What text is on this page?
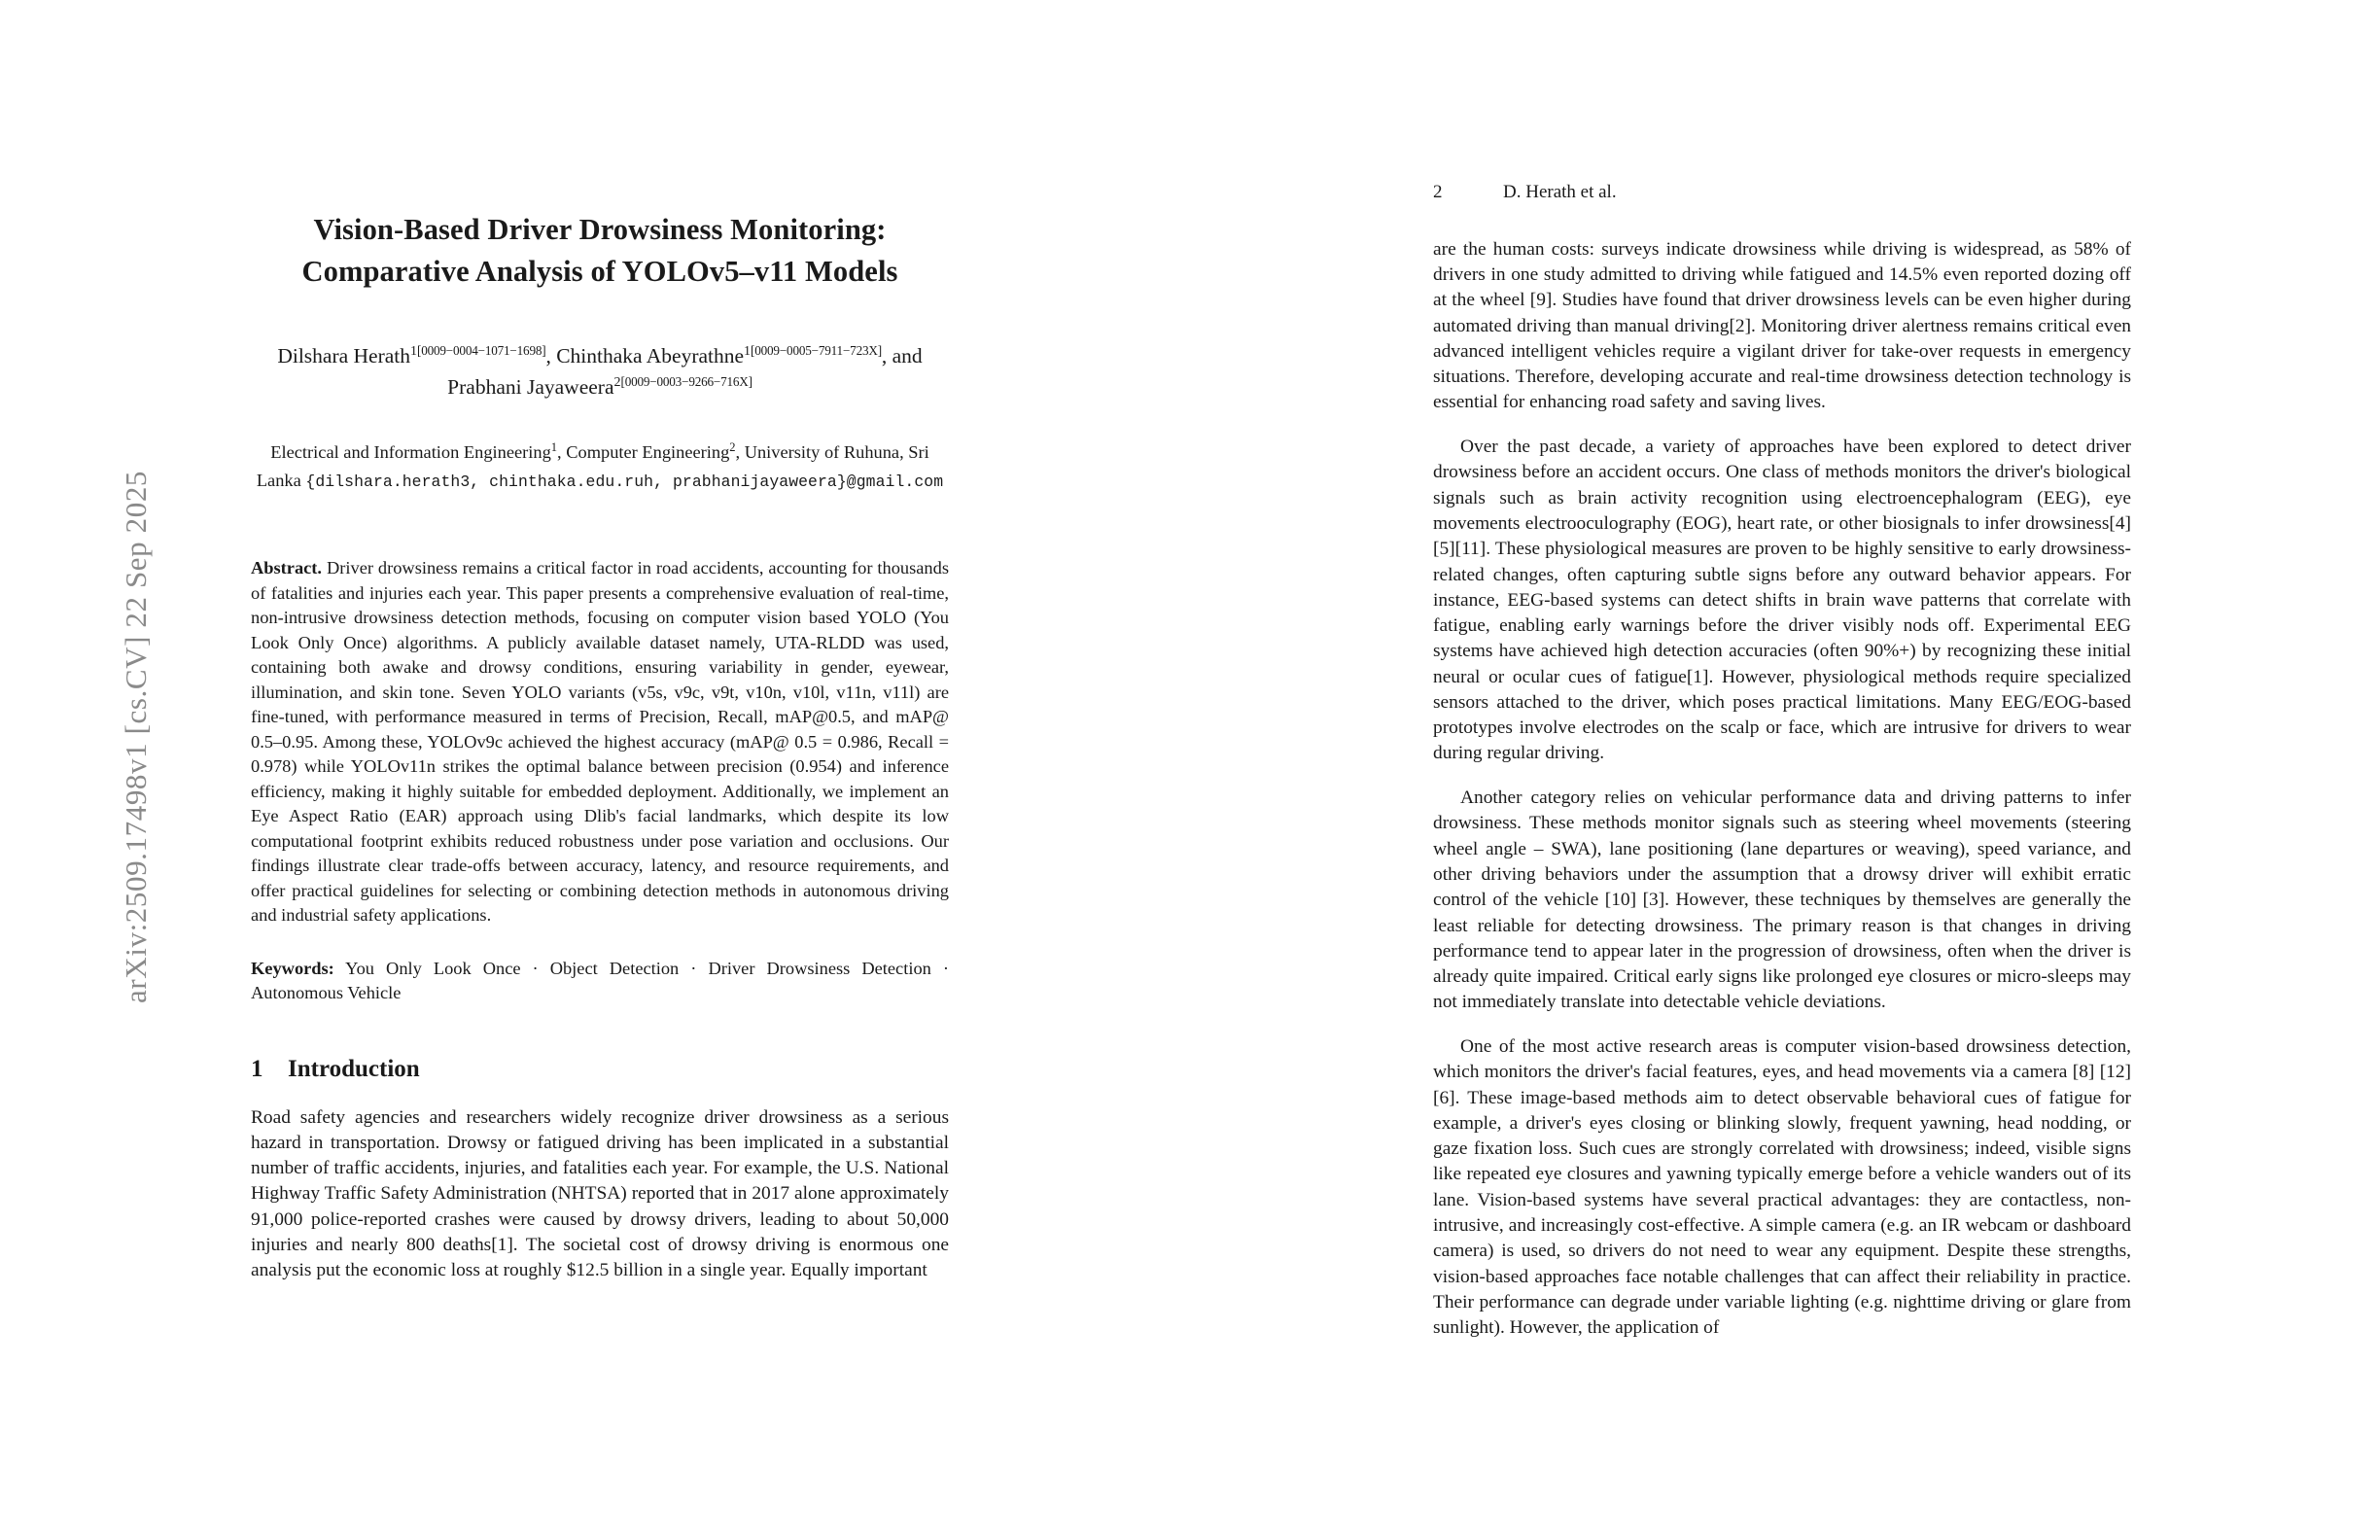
arXiv:2509.17498v1 [cs.CV] 22 Sep 2025
Vision-Based Driver Drowsiness Monitoring:
Comparative Analysis of YOLOv5–v11 Models
Dilshara Herath$^{1[0009-0004-1071-1698]}$, Chinthaka Abeyrathne$^{1[0009-0005-7911-723X]}$, and Prabhani Jayaweera$^{2[0009-0003-9266-716X]}$
Electrical and Information Engineering$^1$, Computer Engineering$^2$, University of Ruhuna, Sri Lanka {dilshara.herath3, chinthaka.edu.ruh, prabhanijayaweera}@gmail.com
Abstract. Driver drowsiness remains a critical factor in road accidents, accounting for thousands of fatalities and injuries each year. This paper presents a comprehensive evaluation of real-time, non-intrusive drowsiness detection methods, focusing on computer vision based YOLO (You Look Only Once) algorithms. A publicly available dataset namely, UTA-RLDD was used, containing both awake and drowsy conditions, ensuring variability in gender, eyewear, illumination, and skin tone. Seven YOLO variants (v5s, v9c, v9t, v10n, v10l, v11n, v11l) are fine-tuned, with performance measured in terms of Precision, Recall, mAP@0.5, and mAP@ 0.5–0.95. Among these, YOLOv9c achieved the highest accuracy (mAP@ 0.5 = 0.986, Recall = 0.978) while YOLOv11n strikes the optimal balance between precision (0.954) and inference efficiency, making it highly suitable for embedded deployment. Additionally, we implement an Eye Aspect Ratio (EAR) approach using Dlib's facial landmarks, which despite its low computational footprint exhibits reduced robustness under pose variation and occlusions. Our findings illustrate clear trade-offs between accuracy, latency, and resource requirements, and offer practical guidelines for selecting or combining detection methods in autonomous driving and industrial safety applications.
Keywords: You Only Look Once · Object Detection · Driver Drowsiness Detection · Autonomous Vehicle
1 Introduction

Road safety agencies and researchers widely recognize driver drowsiness as a serious hazard in transportation. Drowsy or fatigued driving has been implicated in a substantial number of traffic accidents, injuries, and fatalities each year. For example, the U.S. National Highway Traffic Safety Administration (NHTSA) reported that in 2017 alone approximately 91,000 police-reported crashes were caused by drowsy drivers, leading to about 50,000 injuries and nearly 800 deaths[1]. The societal cost of drowsy driving is enormous one analysis put the economic loss at roughly $12.5 billion in a single year. Equally important

2	D. Herath et al.

are the human costs: surveys indicate drowsiness while driving is widespread, as 58% of drivers in one study admitted to driving while fatigued and 14.5% even reported dozing off at the wheel [9]. Studies have found that driver drowsiness levels can be even higher during automated driving than manual driving[2]. Monitoring driver alertness remains critical even advanced intelligent vehicles require a vigilant driver for take-over requests in emergency situations. Therefore, developing accurate and real-time drowsiness detection technology is essential for enhancing road safety and saving lives.

Over the past decade, a variety of approaches have been explored to detect driver drowsiness before an accident occurs. One class of methods monitors the driver's biological signals such as brain activity recognition using electroencephalogram (EEG), eye movements electrooculography (EOG), heart rate, or other biosignals to infer drowsiness[4][5][11]. These physiological measures are proven to be highly sensitive to early drowsiness-related changes, often capturing subtle signs before any outward behavior appears. For instance, EEG-based systems can detect shifts in brain wave patterns that correlate with fatigue, enabling early warnings before the driver visibly nods off. Experimental EEG systems have achieved high detection accuracies (often 90%+) by recognizing these initial neural or ocular cues of fatigue[1]. However, physiological methods require specialized sensors attached to the driver, which poses practical limitations. Many EEG/EOG-based prototypes involve electrodes on the scalp or face, which are intrusive for drivers to wear during regular driving.

Another category relies on vehicular performance data and driving patterns to infer drowsiness. These methods monitor signals such as steering wheel movements (steering wheel angle – SWA), lane positioning (lane departures or weaving), speed variance, and other driving behaviors under the assumption that a drowsy driver will exhibit erratic control of the vehicle [10] [3]. However, these techniques by themselves are generally the least reliable for detecting drowsiness. The primary reason is that changes in driving performance tend to appear later in the progression of drowsiness, often when the driver is already quite impaired. Critical early signs like prolonged eye closures or micro-sleeps may not immediately translate into detectable vehicle deviations.

One of the most active research areas is computer vision-based drowsiness detection, which monitors the driver's facial features, eyes, and head movements via a camera [8] [12] [6]. These image-based methods aim to detect observable behavioral cues of fatigue for example, a driver's eyes closing or blinking slowly, frequent yawning, head nodding, or gaze fixation loss. Such cues are strongly correlated with drowsiness; indeed, visible signs like repeated eye closures and yawning typically emerge before a vehicle wanders out of its lane. Vision-based systems have several practical advantages: they are contactless, non-intrusive, and increasingly cost-effective. A simple camera (e.g. an IR webcam or dashboard camera) is used, so drivers do not need to wear any equipment. Despite these strengths, vision-based approaches face notable challenges that can affect their reliability in practice. Their performance can degrade under variable lighting (e.g. nighttime driving or glare from sunlight). However, the application of
